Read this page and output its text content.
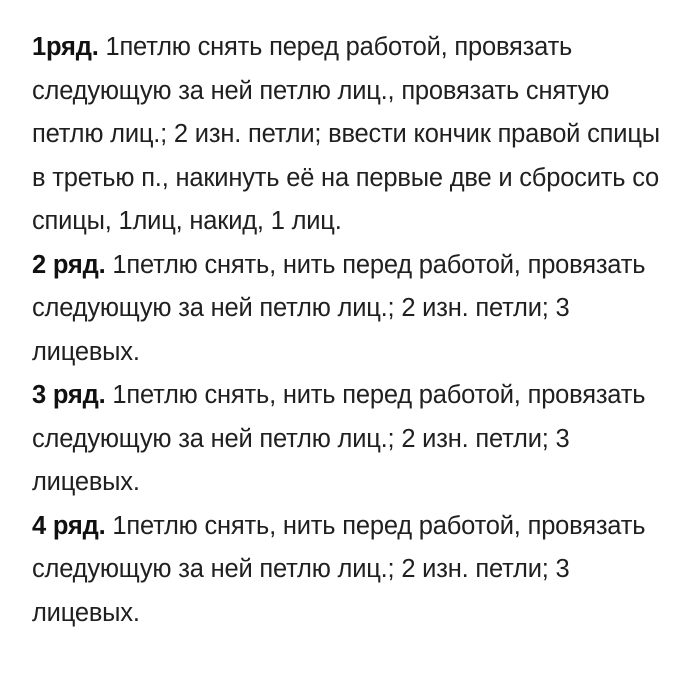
1ряд. 1петлю снять перед работой, провязать следующую за ней петлю лиц., провязать снятую петлю лиц.; 2 изн. петли; ввести кончик правой спицы в третью п., накинуть её на первые две и сбросить со спицы, 1лиц, накид, 1 лиц.

2 ряд. 1петлю снять, нить перед работой, провязать следующую за ней петлю лиц.; 2 изн. петли; 3 лицевых.

3 ряд. 1петлю снять, нить перед работой, провязать следующую за ней петлю лиц.; 2 изн. петли; 3 лицевых.

4 ряд. 1петлю снять, нить перед работой, провязать следующую за ней петлю лиц.; 2 изн. петли; 3 лицевых.
